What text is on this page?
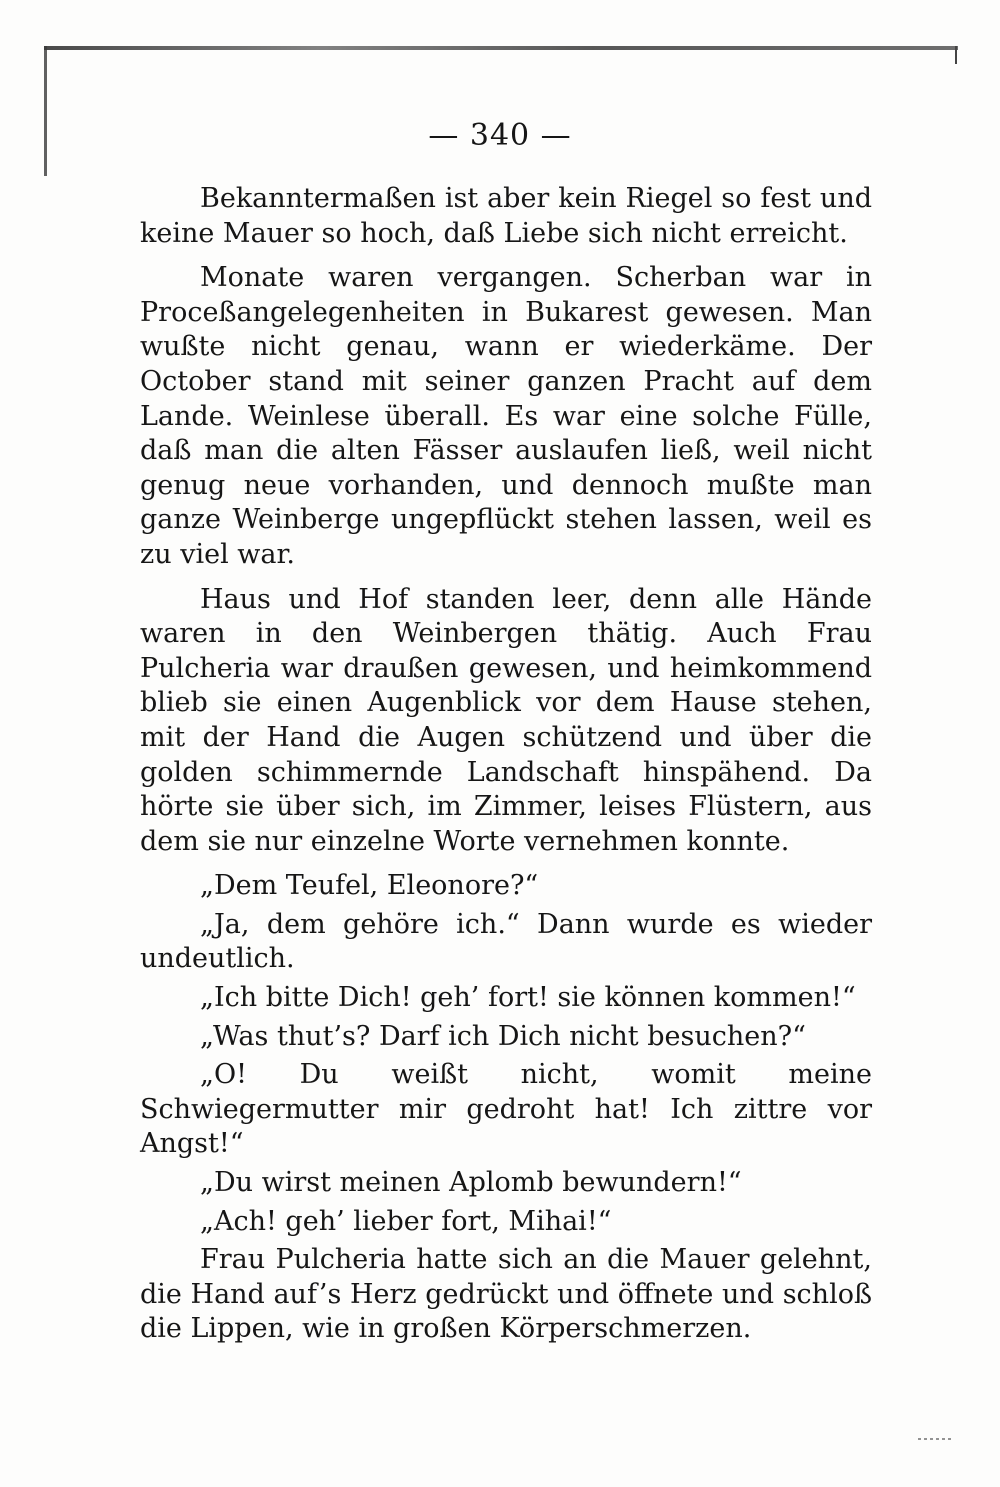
— 340 —

Bekanntermaßen ist aber kein Riegel so fest und keine Mauer so hoch, daß Liebe sich nicht erreicht.

Monate waren vergangen. Scherban war in Proceßangelegenheiten in Bukarest gewesen. Man wußte nicht genau, wann er wiederkäme. Der October stand mit seiner ganzen Pracht auf dem Lande. Weinlese überall. Es war eine solche Fülle, daß man die alten Fässer auslaufen ließ, weil nicht genug neue vorhanden, und dennoch mußte man ganze Weinberge ungepflückt stehen lassen, weil es zu viel war.

Haus und Hof standen leer, denn alle Hände waren in den Weinbergen thätig. Auch Frau Pulcheria war draußen gewesen, und heimkommend blieb sie einen Augenblick vor dem Hause stehen, mit der Hand die Augen schützend und über die golden schimmernde Landschaft hinspähend. Da hörte sie über sich, im Zimmer, leises Flüstern, aus dem sie nur einzelne Worte vernehmen konnte.

„Dem Teufel, Eleonore?“

„Ja, dem gehöre ich.“ Dann wurde es wieder undeutlich.

„Ich bitte Dich! geh’ fort! sie können kommen!“

„Was thut’s? Darf ich Dich nicht besuchen?“

„O! Du weißt nicht, womit meine Schwiegermutter mir gedroht hat! Ich zittre vor Angst!“

„Du wirst meinen Aplomb bewundern!“

„Ach! geh’ lieber fort, Mihai!“

Frau Pulcheria hatte sich an die Mauer gelehnt, die Hand auf’s Herz gedrückt und öffnete und schloß die Lippen, wie in großen Körperschmerzen.
